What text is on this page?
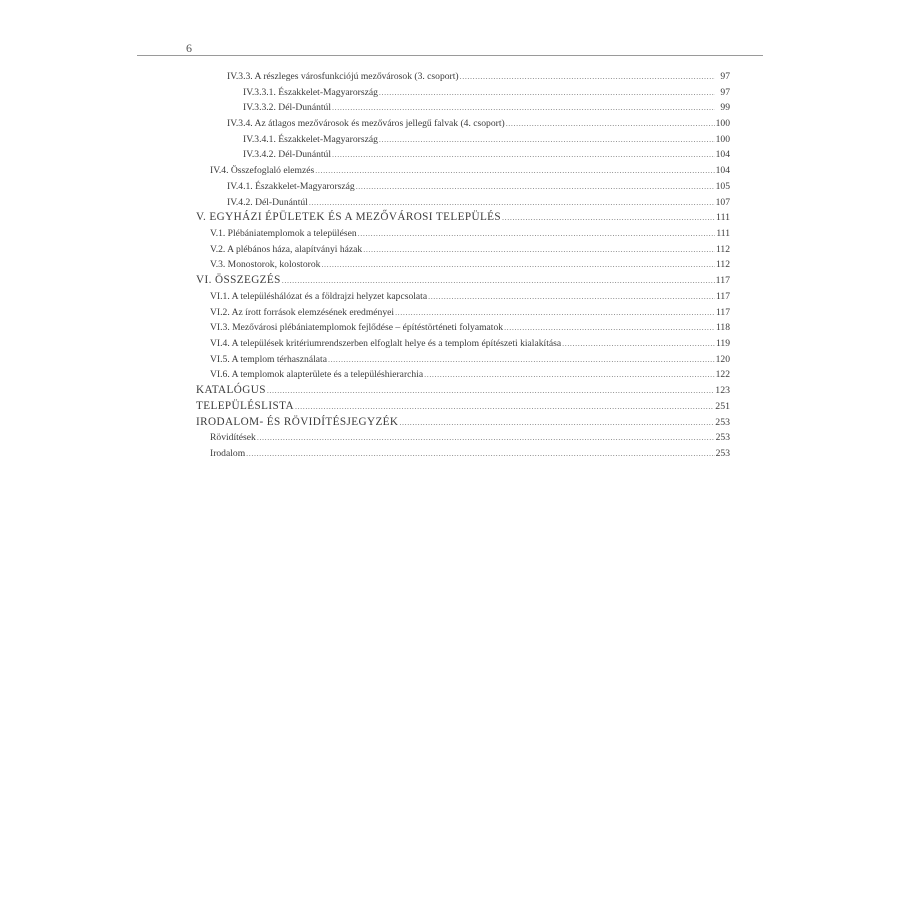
6
IV.3.3. A részleges városfunkciójú mezővárosok (3. csoport) .....	97
IV.3.3.1. Északkelet-Magyarország .....	97
IV.3.3.2. Dél-Dunántúl .....	99
IV.3.4. Az átlagos mezővárosok és mezőváros jellegű falvak (4. csoport) .....	100
IV.3.4.1. Északkelet-Magyarország .....	100
IV.3.4.2. Dél-Dunántúl .....	104
IV.4. Összefoglaló elemzés .....	104
IV.4.1. Északkelet-Magyarország .....	105
IV.4.2. Dél-Dunántúl .....	107
V. EGYHÁZI ÉPÜLETEK ÉS A MEZŐVÁROSI TELEPÜLÉS .....	111
V.1. Plébániatemplomok a településen .....	111
V.2. A plébános háza, alapítványi házak .....	112
V.3. Monostorok, kolostorok .....	112
VI. ÖSSZEGZÉS .....	117
VI.1. A településhálózat és a földrajzi helyzet kapcsolata .....	117
VI.2. Az írott források elemzésének eredményei .....	117
VI.3. Mezővárosi plébániatemplomok fejlődése – építéstörténeti folyamatok .....	118
VI.4. A települések kritériumrendszerben elfoglalt helye és a templom építészeti kialakítása .....	119
VI.5. A templom térhasználata .....	120
VI.6. A templomok alapterülete és a településhierarchia .....	122
KATALÓGUS .....	123
TELEPÜLÉSLISTA .....	251
IRODALOM- ÉS RÖVIDÍTÉSJEGYZÉK .....	253
Rövidítések .....	253
Irodalom .....	253
